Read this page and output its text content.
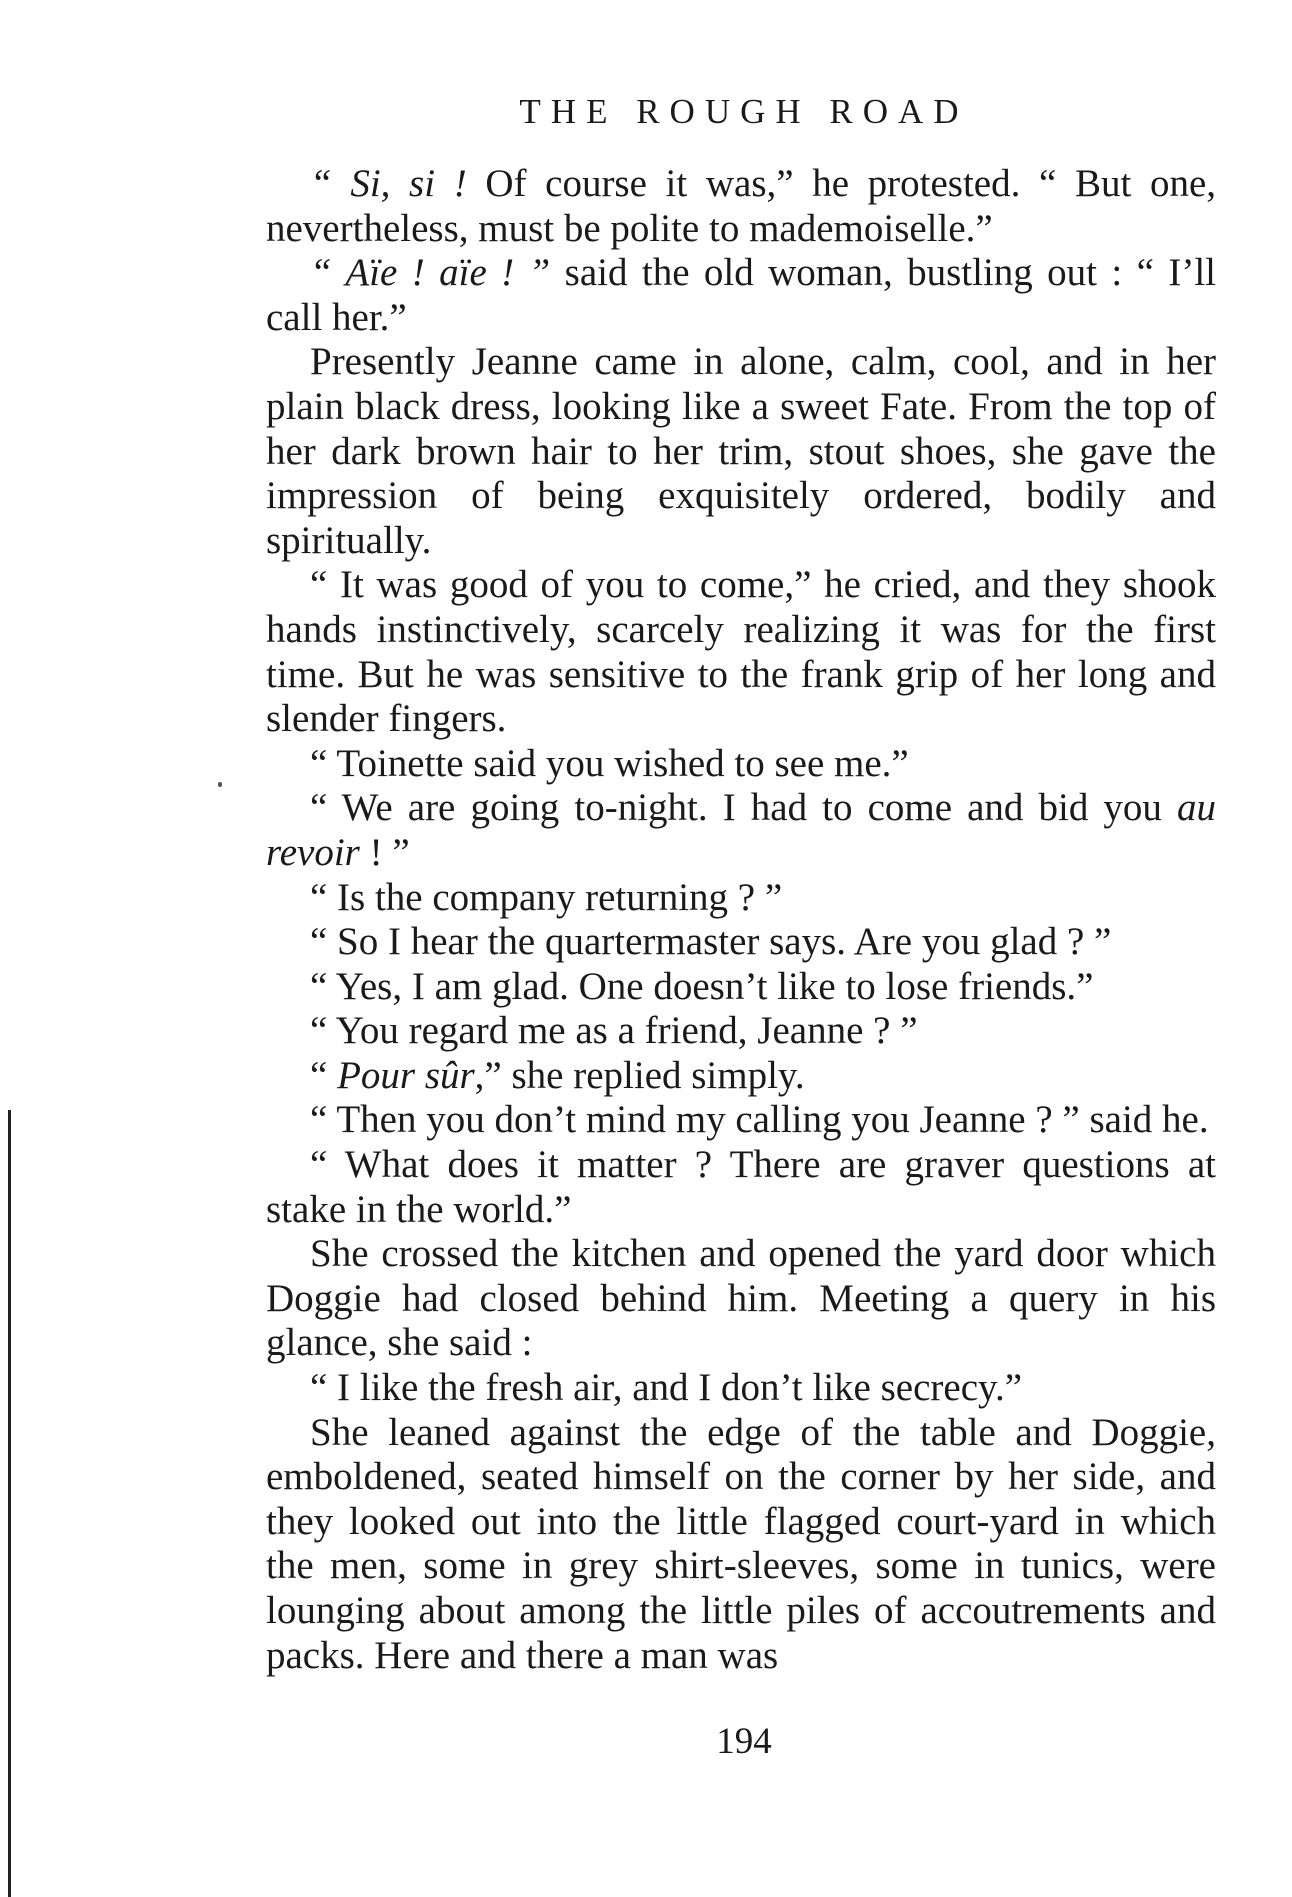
THE ROUGH ROAD

“ Si, si ! Of course it was,” he protested. “ But one, nevertheless, must be polite to mademoiselle.”

“ Aïe ! aïe ! ” said the old woman, bustling out : “ I’ll call her.”

Presently Jeanne came in alone, calm, cool, and in her plain black dress, looking like a sweet Fate. From the top of her dark brown hair to her trim, stout shoes, she gave the impression of being exquisitely ordered, bodily and spiritually.

“ It was good of you to come,” he cried, and they shook hands instinctively, scarcely realizing it was for the first time. But he was sensitive to the frank grip of her long and slender fingers.

“ Toinette said you wished to see me.”

“ We are going to-night. I had to come and bid you au revoir ! ”

“ Is the company returning ? ”

“ So I hear the quartermaster says. Are you glad ? ”

“ Yes, I am glad. One doesn’t like to lose friends.”

“ You regard me as a friend, Jeanne ? ”

“ Pour sûr,” she replied simply.

“ Then you don’t mind my calling you Jeanne ? ” said he.

“ What does it matter ? There are graver questions at stake in the world.”

She crossed the kitchen and opened the yard door which Doggie had closed behind him. Meeting a query in his glance, she said :

“ I like the fresh air, and I don’t like secrecy.”

She leaned against the edge of the table and Doggie, emboldened, seated himself on the corner by her side, and they looked out into the little flagged court-yard in which the men, some in grey shirt-sleeves, some in tunics, were lounging about among the little piles of accoutrements and packs. Here and there a man was

194
